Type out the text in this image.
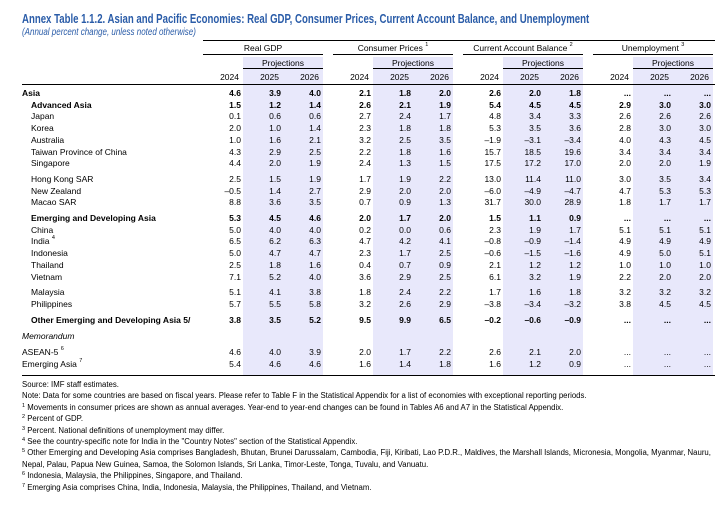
Annex Table 1.1.2. Asian and Pacific Economies: Real GDP, Consumer Prices, Current Account Balance, and Unemployment
(Annual percent change, unless noted otherwise)
Source: IMF staff estimates.
Note: Data for some countries are based on fiscal years. Please refer to Table F in the Statistical Appendix for a list of economies with exceptional reporting periods.
$^1$ Movements in consumer prices are shown as annual averages. Year-end to year-end changes can be found in Tables A6 and A7 in the Statistical Appendix.
$^2$ Percent of GDP.
$^3$ Percent. National definitions of unemployment may differ.
$^4$ See the country-specific note for India in the "Country Notes" section of the Statistical Appendix.
$^5$ Other Emerging and Developing Asia comprises Bangladesh, Bhutan, Brunei Darussalam, Cambodia, Fiji, Kiribati, Lao P.D.R., Maldives, the Marshall Islands, Micronesia, Mongolia, Myanmar, Nauru, Nepal, Palau, Papua New Guinea, Samoa, the Solomon Islands, Sri Lanka, Timor-Leste, Tonga, Tuvalu, and Vanuatu.
$^6$ Indonesia, Malaysia, the Philippines, Singapore, and Thailand.
$^7$ Emerging Asia comprises China, India, Indonesia, Malaysia, the Philippines, Thailand, and Vietnam.
Real GDP
Projections
2024	2025	2026
Consumer Prices $^1$
Projections
2024	2025	2026
Current Account Balance $^2$
Projections
2024	2025	2026
Unemployment $^3$
Projections
2024	2025	2026
Asia	4.6	3.9	4.0	2.1	1.8	2.0	2.6	2.0	1.8	...	...	...
Advanced Asia	1.5	1.2	1.4	2.6	2.1	1.9	5.4	4.5	4.5	2.9	3.0	3.0
Japan	0.1	0.6	0.6	2.7	2.4	1.7	4.8	3.4	3.3	2.6	2.6	2.6
Korea	2.0	1.0	1.4	2.3	1.8	1.8	5.3	3.5	3.6	2.8	3.0	3.0
Australia	1.0	1.6	2.1	3.2	2.5	3.5	–1.9	–3.1	–3.4	4.0	4.3	4.5
Taiwan Province of China	4.3	2.9	2.5	2.2	1.8	1.6	15.7	18.5	19.6	3.4	3.4	3.4
Singapore	4.4	2.0	1.9	2.4	1.3	1.5	17.5	17.2	17.0	2.0	2.0	1.9
Hong Kong SAR	2.5	1.5	1.9	1.7	1.9	2.2	13.0	11.4	11.0	3.0	3.5	3.4
New Zealand	–0.5	1.4	2.7	2.9	2.0	2.0	–6.0	–4.9	–4.7	4.7	5.3	5.3
Macao SAR	8.8	3.6	3.5	0.7	0.9	1.3	31.7	30.0	28.9	1.8	1.7	1.7
Emerging and Developing Asia	5.3	4.5	4.6	2.0	1.7	2.0	1.5	1.1	0.9	...	...	...
China	5.0	4.0	4.0	0.2	0.0	0.6	2.3	1.9	1.7	5.1	5.1	5.1
India $^4$	6.5	6.2	6.3	4.7	4.2	4.1	–0.8	–0.9	–1.4	4.9	4.9	4.9
Indonesia	5.0	4.7	4.7	2.3	1.7	2.5	–0.6	–1.5	–1.6	4.9	5.0	5.1
Thailand	2.5	1.8	1.6	0.4	0.7	0.9	2.1	1.2	1.2	1.0	1.0	1.0
Vietnam	7.1	5.2	4.0	3.6	2.9	2.5	6.1	3.2	1.9	2.2	2.0	2.0
Malaysia	5.1	4.1	3.8	1.8	2.4	2.2	1.7	1.6	1.8	3.2	3.2	3.2
Philippines	5.7	5.5	5.8	3.2	2.6	2.9	–3.8	–3.4	–3.2	3.8	4.5	4.5
Other Emerging and Developing Asia 5/	3.8	3.5	5.2	9.5	9.9	6.5	–0.2	–0.6	–0.9	...	...	...
Memorandum
ASEAN-5 $^6$	4.6	4.0	3.9	2.0	1.7	2.2	2.6	2.1	2.0	...	...	...
Emerging Asia $^7$	5.4	4.6	4.6	1.6	1.4	1.8	1.6	1.2	0.9	...	...	...
